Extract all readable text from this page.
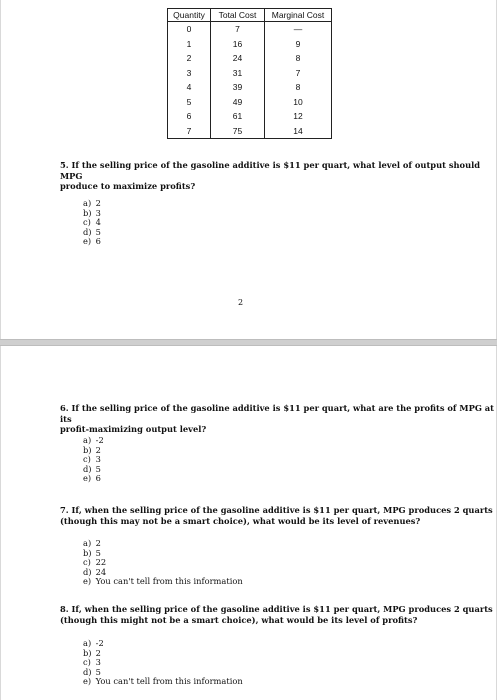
Quantity	Total Cost	Marginal Cost
0	7	—
1	16	9
2	24	8
3	31	7
4	39	8
5	49	10
6	61	12
7	75	14
5. If the selling price of the gasoline additive is $11 per quart, what level of output should MPG
produce to maximize profits?
a) 2
b) 3
c) 4
d) 5
e) 6
2
6. If the selling price of the gasoline additive is $11 per quart, what are the profits of MPG at its
profit-maximizing output level?
a) -2
b) 2
c) 3
d) 5
e) 6
7. If, when the selling price of the gasoline additive is $11 per quart, MPG produces 2 quarts
(though this may not be a smart choice), what would be its level of revenues?
a) 2
b) 5
c) 22
d) 24
e) You can't tell from this information
8. If, when the selling price of the gasoline additive is $11 per quart, MPG produces 2 quarts
(though this might not be a smart choice), what would be its level of profits?
a) -2
b) 2
c) 3
d) 5
e) You can't tell from this information
